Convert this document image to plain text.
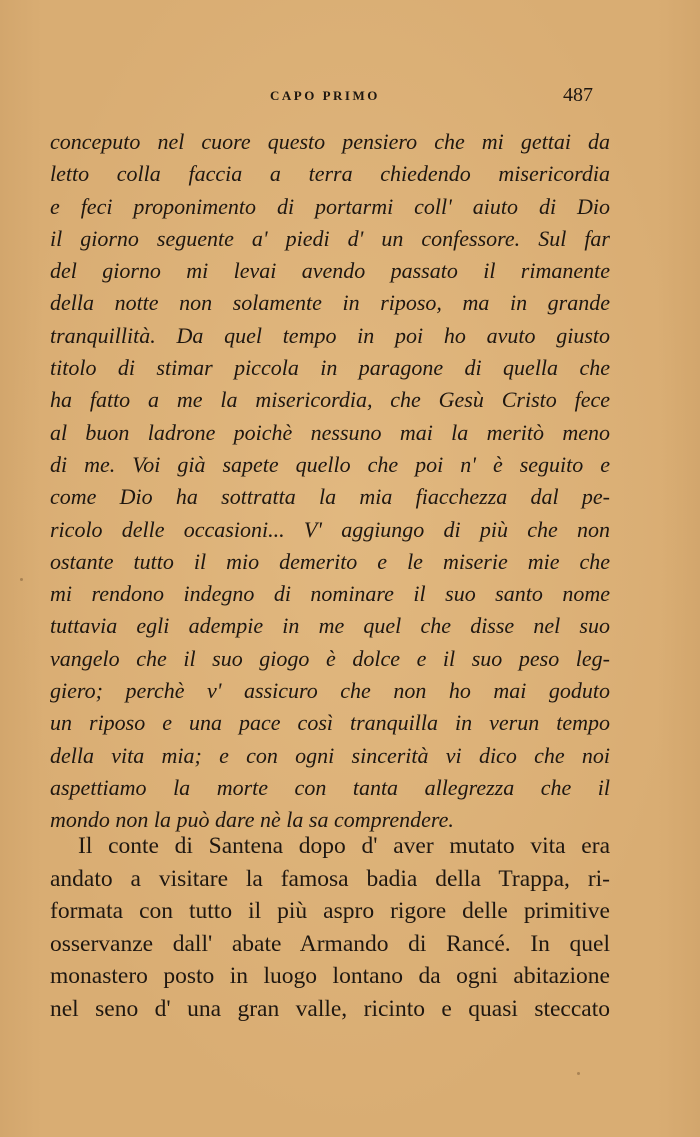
CAPO PRIMO	487
conceputo nel cuore questo pensiero che mi gettai da
letto colla faccia a terra chiedendo misericordia
e feci proponimento di portarmi coll' aiuto di Dio
il giorno seguente a' piedi d' un confessore. Sul far
del giorno mi levai avendo passato il rimanente
della notte non solamente in riposo, ma in grande
tranquillità. Da quel tempo in poi ho avuto giusto
titolo di stimar piccola in paragone di quella che
ha fatto a me la misericordia, che Gesù Cristo fece
al buon ladrone poichè nessuno mai la meritò meno
di me. Voi già sapete quello che poi n' è seguito e
come Dio ha sottratta la mia fiacchezza dal pe-
ricolo delle occasioni... V' aggiungo di più che non
ostante tutto il mio demerito e le miserie mie che
mi rendono indegno di nominare il suo santo nome
tuttavia egli adempie in me quel che disse nel suo
vangelo che il suo giogo è dolce e il suo peso leg-
giero; perchè v' assicuro che non ho mai goduto
un riposo e una pace così tranquilla in verun tempo
della vita mia; e con ogni sincerità vi dico che noi
aspettiamo la morte con tanta allegrezza che il
mondo non la può dare nè la sa comprendere.
Il conte di Santena dopo d' aver mutato vita era
andato a visitare la famosa badia della Trappa, ri-
formata con tutto il più aspro rigore delle primitive
osservanze dall' abate Armando di Rancé. In quel
monastero posto in luogo lontano da ogni abitazione
nel seno d' una gran valle, ricinto e quasi steccato
